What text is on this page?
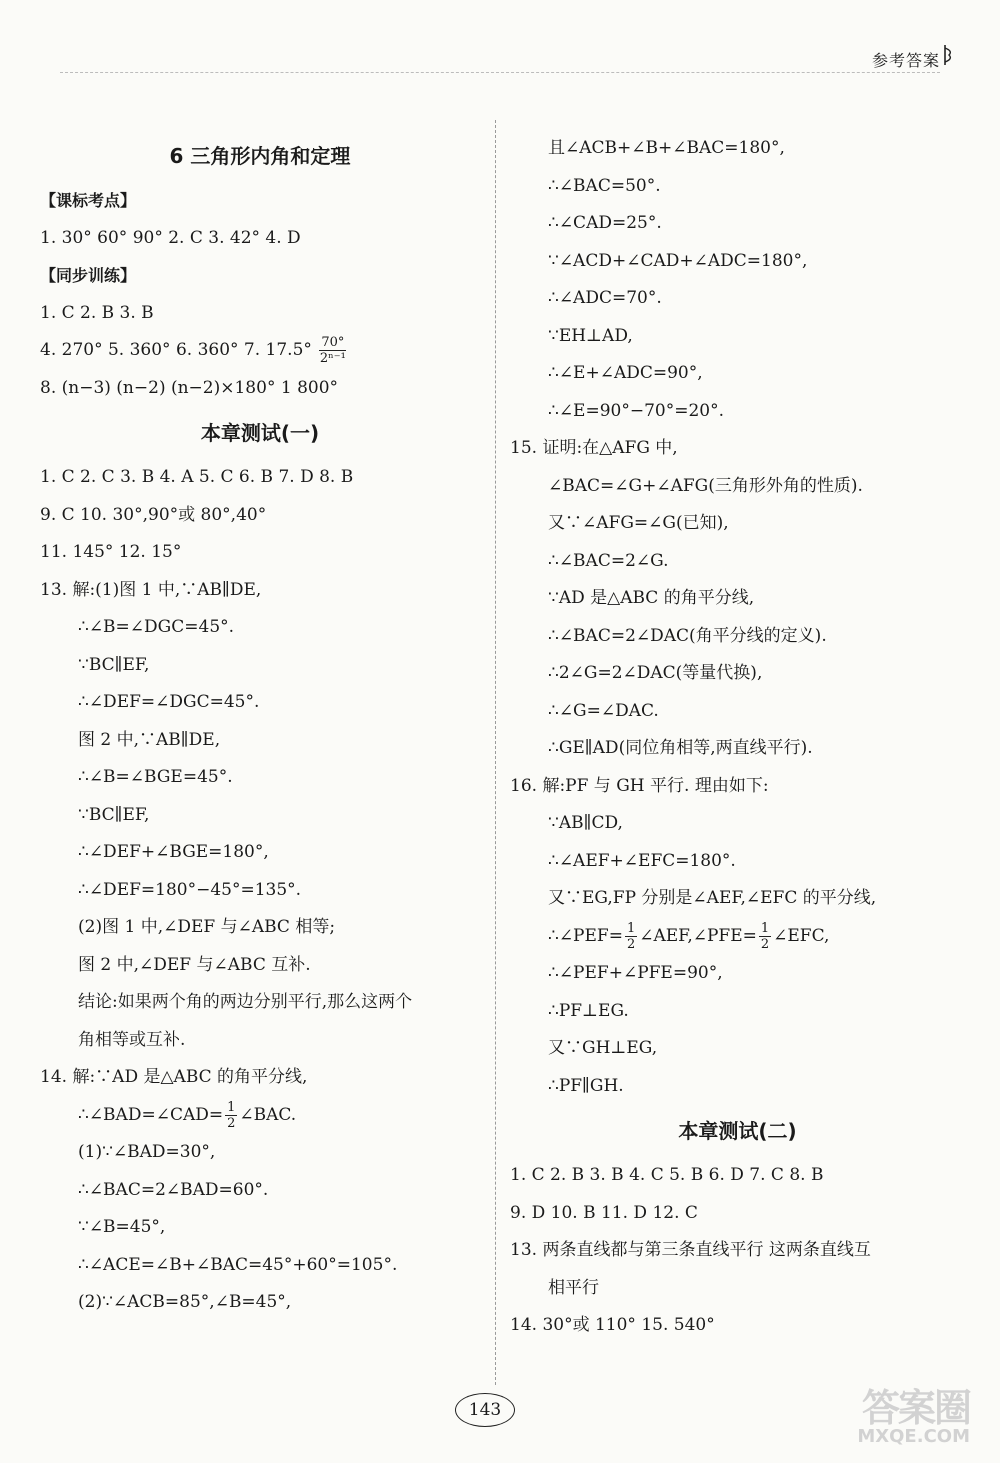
参考答案
6 三角形内角和定理
【课标考点】
1. 30° 60° 90° 2. C 3. 42° 4. D
【同步训练】
1. C 2. B 3. B
4. 270° 5. 360° 6. 360° 7. $17.5^\circ \frac{70^\circ}{\text{2ⁿ⁻¹}}$
8. (n−3) (n−2) (n−2)×180° 1 800°
本章测试(一)
1. C 2. C 3. B 4. A 5. C 6. B 7. D 8. B
9. C 10. 30°,90°或 80°,40°
11. 145° 12. 15°
13. 解:(1)图 1 中,∵AB∥DE,
∴∠B=∠DGC=45°.
∵BC∥EF,
∴∠DEF=∠DGC=45°.
图 2 中,∵AB∥DE,
∴∠B=∠BGE=45°.
∵BC∥EF,
∴∠DEF+∠BGE=180°,
∴∠DEF=180°−45°=135°.
(2)图 1 中,∠DEF 与∠ABC 相等;
图 2 中,∠DEF 与∠ABC 互补.
结论:如果两个角的两边分别平行,那么这两个
角相等或互补.
14. 解:∵AD 是△ABC 的角平分线,
∴∠BAD=∠CAD= $\frac{1}{2}$ ∠BAC.
(1)∵∠BAD=30°,
∴∠BAC=2∠BAD=60°.
∵∠B=45°,
∴∠ACE=∠B+∠BAC=45°+60°=105°.
(2)∵∠ACB=85°,∠B=45°,
且∠ACB+∠B+∠BAC=180°,
∴∠BAC=50°.
∴∠CAD=25°.
∵∠ACD+∠CAD+∠ADC=180°,
∴∠ADC=70°.
∵EH⊥AD,
∴∠E+∠ADC=90°,
∴∠E=90°−70°=20°.
15. 证明:在△AFG 中,
∠BAC=∠G+∠AFG(三角形外角的性质).
又∵∠AFG=∠G(已知),
∴∠BAC=2∠G.
∵AD 是△ABC 的角平分线,
∴∠BAC=2∠DAC(角平分线的定义).
∴2∠G=2∠DAC(等量代换),
∴∠G=∠DAC.
∴GE∥AD(同位角相等,两直线平行).
16. 解:PF 与 GH 平行. 理由如下:
∵AB∥CD,
∴∠AEF+∠EFC=180°.
又∵EG,FP 分别是∠AEF,∠EFC 的平分线,
∴∠PEF= $\frac{1}{2}$ ∠AEF,∠PFE= $\frac{1}{2}$ ∠EFC,
∴∠PEF+∠PFE=90°,
∴PF⊥EG.
又∵GH⊥EG,
∴PF∥GH.
本章测试(二)
1. C 2. B 3. B 4. C 5. B 6. D 7. C 8. B
9. D 10. B 11. D 12. C
13. 两条直线都与第三条直线平行 这两条直线互
相平行
14. 30°或 110° 15. 540°
143	答案圈
MXQE.COM
